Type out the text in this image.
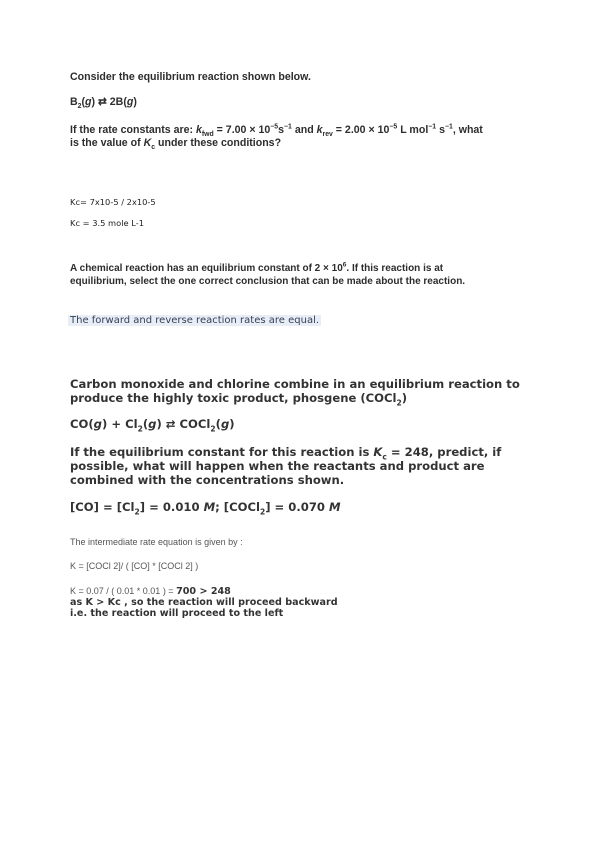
Consider the equilibrium reaction shown below.

$B_2(g)$ ⇄ 2B(g)

If the rate constants are: $k_{fwd} = 7.00 \times 10^{-5}s^{-1}$ and $k_{rev} = 2.00 \times 10^{-5}$ L mol$^{-1}$ $s^{-1}$, what
is the value of $K_c$ under these conditions?

Kc= 7x10-5 / 2x10-5

Kc = 3.5 mole L-1

A chemical reaction has an equilibrium constant of $2 \times 10^6$. If this reaction is at
equilibrium, select the one correct conclusion that can be made about the reaction.

The forward and reverse reaction rates are equal.

Carbon monoxide and chlorine combine in an equilibrium reaction to
produce the highly toxic product, phosgene (COCl$_2$)

$CO(g) + Cl_2(g)$ ⇄ COCl$_2$(g)

If the equilibrium constant for this reaction is $K_c = 248$, predict, if
possible, what will happen when the reactants and product are
combined with the concentrations shown.

$[CO] = [Cl_2] = 0.010$ M; [COCl$_2$] = 0.070 M

The intermediate rate equation is given by :

K = [COCl 2]/ ( [CO] * [COCl 2] )

K = 0.07 / ( 0.01 * 0.01 ) = 700 > 248
as K > Kc , so the reaction will proceed backward
i.e. the reaction will proceed to the left
